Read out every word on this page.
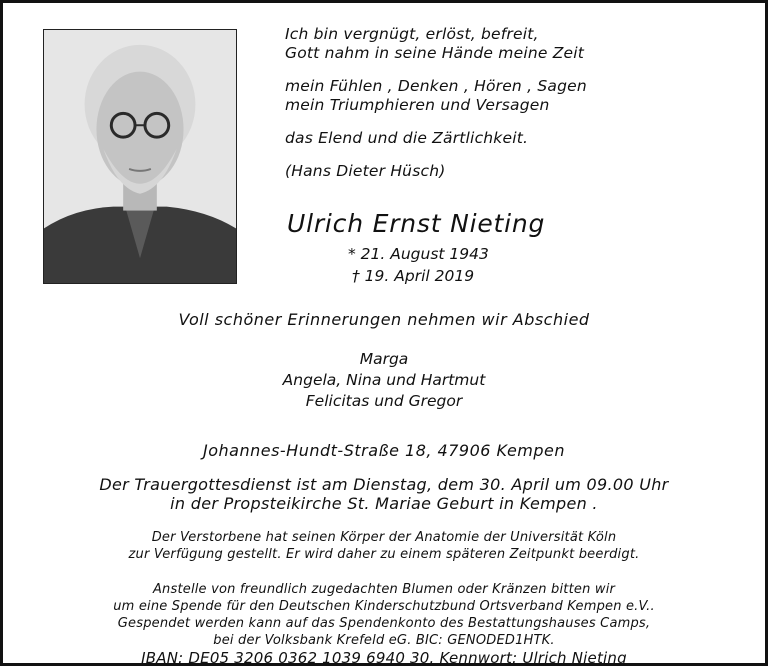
Ich bin vergnügt, erlöst, befreit,
Gott nahm in seine Hände meine Zeit
mein Fühlen , Denken , Hören , Sagen
mein Triumphieren und Versagen
das Elend und die Zärtlichkeit.
(Hans Dieter Hüsch)
Ulrich Ernst Nieting
* 21. August 1943
† 19. April 2019
Voll schöner Erinnerungen nehmen wir Abschied
Marga
Angela, Nina und Hartmut
Felicitas und Gregor
Johannes-Hundt-Straße 18, 47906 Kempen
Der Trauergottesdienst ist am Dienstag, dem 30. April um 09.00 Uhr
in der Propsteikirche St. Mariae Geburt in Kempen .
Der Verstorbene hat seinen Körper der Anatomie der Universität Köln
zur Verfügung gestellt. Er wird daher zu einem späteren Zeitpunkt beerdigt.
Anstelle von freundlich zugedachten Blumen oder Kränzen bitten wir
um eine Spende für den Deutschen Kinderschutzbund Ortsverband Kempen e.V..
Gespendet werden kann auf das Spendenkonto des Bestattungshauses Camps,
bei der Volksbank Krefeld eG. BIC: GENODED1HTK.
IBAN: DE05 3206 0362 1039 6940 30. Kennwort: Ulrich Nieting
